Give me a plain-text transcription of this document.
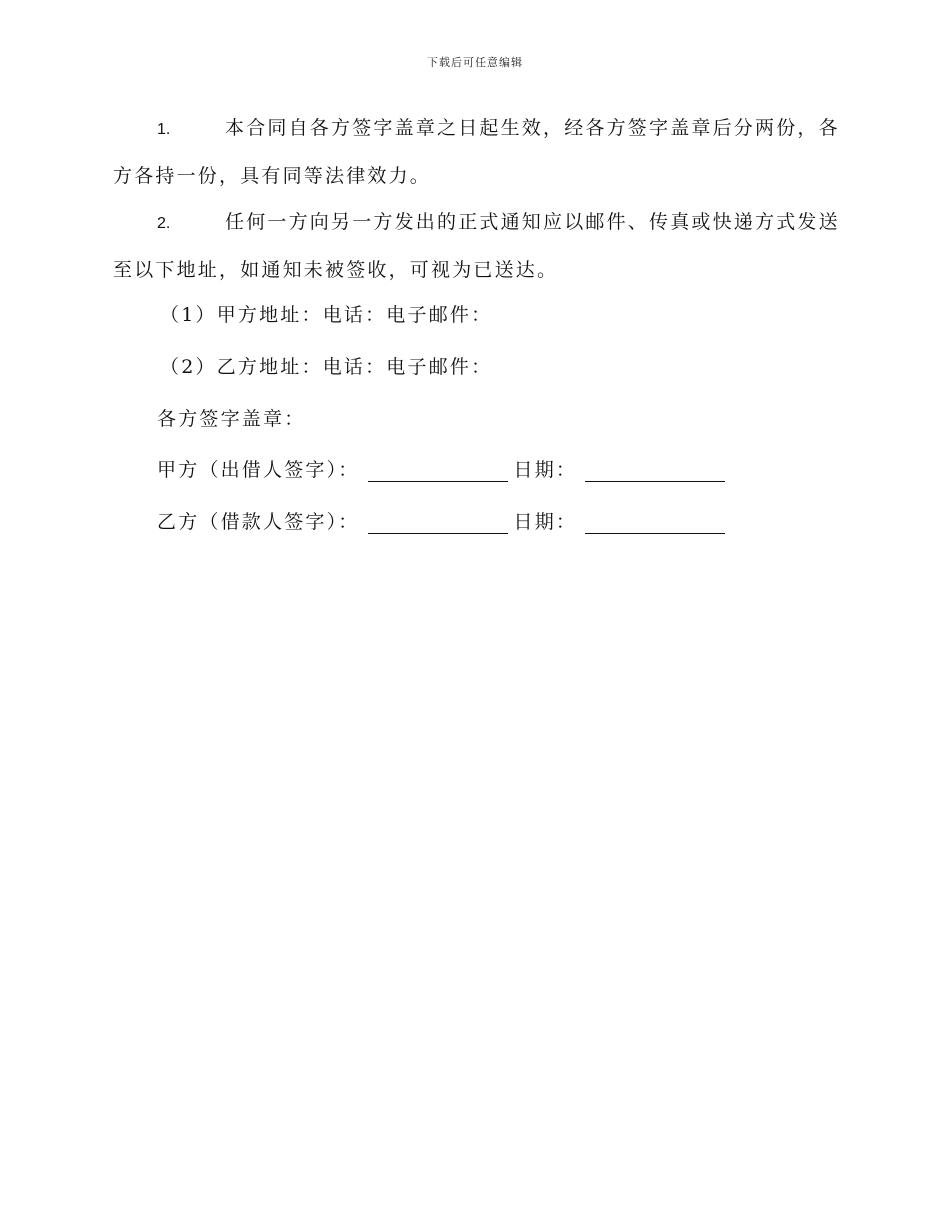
下载后可任意编辑
1.	本合同自各方签字盖章之日起生效，经各方签字盖章后分两份，各方各持一份，具有同等法律效力。
2.	任何一方向另一方发出的正式通知应以邮件、传真或快递方式发送至以下地址，如通知未被签收，可视为已送达。
（1）甲方地址：电话：电子邮件：
（2）乙方地址：电话：电子邮件：
各方签字盖章：
甲方（出借人签字）：	日期：
乙方（借款人签字）：	日期：
